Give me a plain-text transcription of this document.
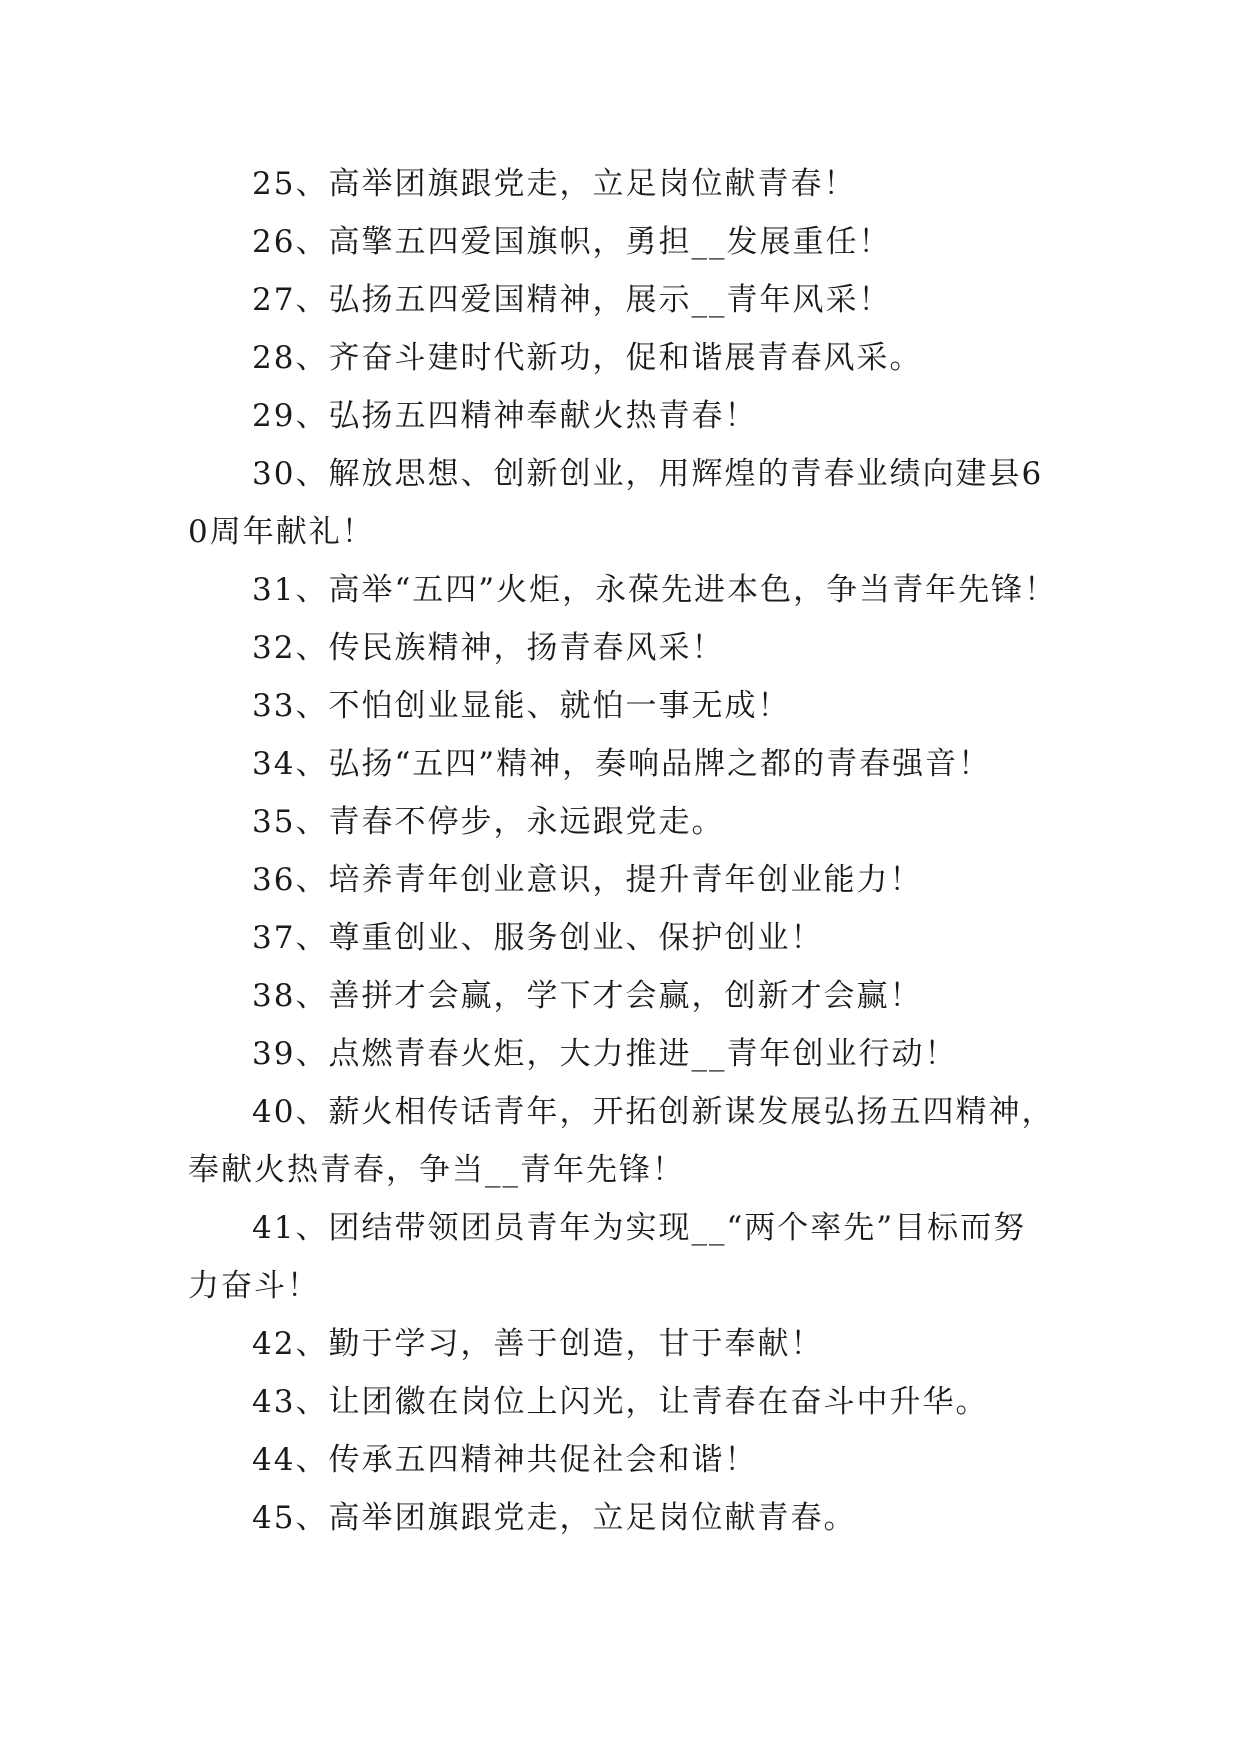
25、高举团旗跟党走，立足岗位献青春！

26、高擎五四爱国旗帜，勇担__发展重任！

27、弘扬五四爱国精神，展示__青年风采！

28、齐奋斗建时代新功，促和谐展青春风采。

29、弘扬五四精神奉献火热青春！

30、解放思想、创新创业，用辉煌的青春业绩向建县60周年献礼！

31、高举“五四”火炬，永葆先进本色，争当青年先锋！

32、传民族精神，扬青春风采！

33、不怕创业显能、就怕一事无成！

34、弘扬“五四”精神，奏响品牌之都的青春强音！

35、青春不停步，永远跟党走。

36、培养青年创业意识，提升青年创业能力！

37、尊重创业、服务创业、保护创业！

38、善拼才会赢，学下才会赢，创新才会赢！

39、点燃青春火炬，大力推进__青年创业行动！

40、薪火相传话青年，开拓创新谋发展弘扬五四精神，奉献火热青春，争当__青年先锋！

41、团结带领团员青年为实现__“两个率先”目标而努力奋斗！

42、勤于学习，善于创造，甘于奉献！

43、让团徽在岗位上闪光，让青春在奋斗中升华。

44、传承五四精神共促社会和谐！

45、高举团旗跟党走，立足岗位献青春。
